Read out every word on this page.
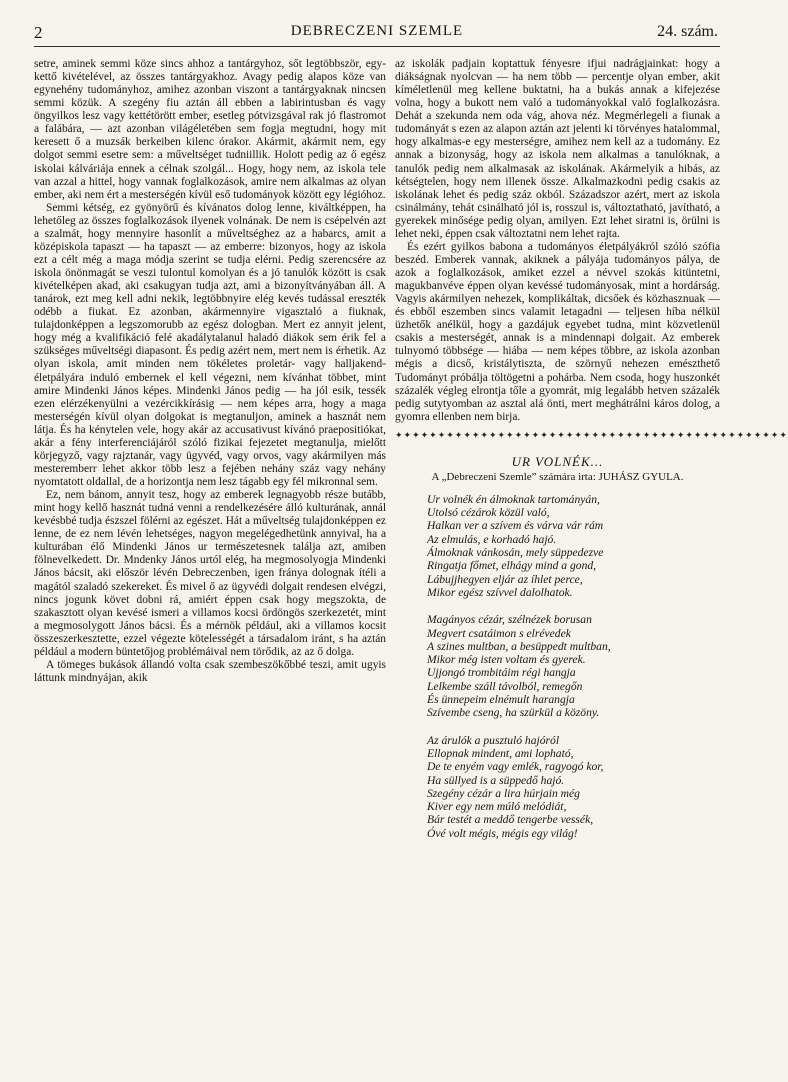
2	DEBRECZENI SZEMLE	24. szám.

setre, aminek semmi köze sincs ahhoz a tantárgyhoz, sőt legtöbbször, egy-kettő kivételével, az összes tantárgyakhoz. Avagy pedig alapos köze van egynehény tudományhoz, amihez azonban viszont a tantárgyaknak nincsen semmi közük. A szegény fiu aztán áll ebben a labirintusban és vagy öngyilkos lesz vagy kettétörött ember, esetleg pótvizsgával rak jó flastromot a falábára, — azt azonban világéletében sem fogja megtudni, hogy mit keresett ő a muzsák berkeiben kilenc órakor. Akármit, akármit nem, egy dolgot semmi esetre sem: a műveltséget tudniillik. Holott pedig az ő egész iskolai kálváriája ennek a célnak szolgál... Hogy, hogy nem, az iskola tele van azzal a hittel, hogy vannak foglalkozások, amire nem alkalmas az olyan ember, aki nem ért a mesterségén kívül eső tudományok között egy légióhoz.

Semmi kétség, ez gyönyörű és kívánatos dolog lenne, kiváltképpen, ha lehetőleg az összes foglalkozások ilyenek volnának. De nem is csépelvén azt a szalmát, hogy mennyire hasonlít a műveltséghez az a habarcs, amit a középiskola tapaszt — ha tapaszt — az emberre: bizonyos, hogy az iskola ezt a célt még a maga módja szerint se tudja elérni. Pedig szerencsére az iskola önönmagát se veszi tulontul komolyan és a jó tanulók között is csak kivételképen akad, aki csakugyan tudja azt, ami a bizonyítványában áll. A tanárok, ezt meg kell adni nekik, legtöbbnyire elég kevés tudással ereszték odébb a fiukat. Ez azonban, akármennyire vigasztaló a fiuknak, tulajdonképpen a legszomorubb az egész dologban. Mert ez annyit jelent, hogy még a kvalifikáció felé akadálytalanul haladó diákok sem érik fel a szükséges műveltségi diapasont. És pedig azért nem, mert nem is érhetik. Az olyan iskola, amit minden nem tökéletes proletár- vagy halljakend-életpályára induló embernek el kell végezni, nem kívánhat többet, mint amire Mindenki János képes. Mindenki János pedig — ha jól esik, tessék ezen elérzékenyülni a vezércikkírásig — nem képes arra, hogy a maga mesterségén kívül olyan dolgokat is megtanuljon, aminek a hasznát nem látja. És ha kénytelen vele, hogy akár az accusativust kívánó praepositiókat, akár a fény interferenciájáról szóló fizikai fejezetet megtanulja, mielőtt körjegyző, vagy rajztanár, vagy ügyvéd, vagy orvos, vagy akármilyen más mesteremberr lehet akkor több lesz a fejében nehány száz vagy nehány nyomtatott oldallal, de a horizontja nem lesz tágabb egy fél mikronnal sem.

Ez, nem bánom, annyit tesz, hogy az emberek legnagyobb része butább, mint hogy kellő hasznát tudná venni a rendelkezésére álló kulturának, annál kevésbbé tudja észszel fölérni az egészet. Hát a műveltség tulajdonképpen ez lenne, de ez nem lévén lehetséges, nagyon megelégedhetünk annyival, ha a kulturában élő Mindenki János ur természetesnek találja azt, amiben fölnevelkedett. Dr. Mndenky János urtól elég, ha megmosolyogja Mindenki János bácsit, aki először lévén Debreczenben, igen fránya dolognak ítéli a magától szaladó szekereket. És mivel ő az ügyvédi dolgait rendesen elvégzi, nincs jogunk követ dobni rá, amiért éppen csak hogy megszokta, de szakasztott olyan kevésé ismeri a villamos kocsi ördöngös szerkezetét, mint a megmosolygott János bácsi. És a mérnök például, aki a villamos kocsit összeszerkesztette, ezzel végezte kötelességét a társadalom iránt, s ha aztán például a modern büntetőjog problémáival nem törődik, az az ő dolga.

A tömeges bukások állandó volta csak szembeszökőbbé teszi, amit ugyis láttunk mindnyájan, akik

az iskolák padjain koptattuk fényesre ifjui nadrágjainkat: hogy a diákságnak nyolcvan — ha nem több — percentje olyan ember, akit kíméletlenül meg kellene buktatni, ha a bukás annak a kifejezése volna, hogy a bukott nem való a tudományokkal való foglalkozásra. Dehát a szekunda nem oda vág, ahova néz. Megmérlegeli a fiunak a tudományát s ezen az alapon aztán azt jelenti ki törvényes hatalommal, hogy alkalmas-e egy mesterségre, amihez nem kell az a tudomány. Ez annak a bizonyság, hogy az iskola nem alkalmas a tanulóknak, a tanulók pedig nem alkalmasak az iskolának. Akármelyik a hibás, az kétségtelen, hogy nem illenek össze. Alkalmazkodni pedig csakis az iskolának lehet és pedig száz okból. Századszor azért, mert az iskola csinálmány, tehát csinálható jól is, rosszul is, változtatható, javítható, a gyerekek minősége pedig olyan, amilyen. Ezt lehet siratni is, örülni is lehet neki, éppen csak változtatni nem lehet rajta.

És ezért gyilkos babona a tudományos életpályákról szóló szófia beszéd. Emberek vannak, akiknek a pályája tudományos pálya, de azok a foglalkozások, amiket ezzel a névvel szokás kitüntetni, magukbanvéve éppen olyan kevéssé tudományosak, mint a hordárság. Vagyis akármilyen nehezek, komplikáltak, dicsőek és közhasznuak — és ebből eszemben sincs valamit letagadni — teljesen híba nélkül üzhetők anélkül, hogy a gazdájuk egyebet tudna, mint közvetlenül csakis a mesterségét, annak is a mindennapi dolgait. Az emberek tulnyomó többsége — hiába — nem képes többre, az iskola azonban mégis a dicső, kristálytiszta, de szörnyű nehezen emészthető Tudományt próbálja töltögetni a pohárba. Nem csoda, hogy huszonkét százalék végleg elrontja tőle a gyomrát, mig legalább hetven százalék pedig sutytyomban az asztal alá önti, mert meghátrálni káros dolog, a gyomra ellenben nem birja.

✦✦✦✦✦✦✦✦✦✦✦✦✦✦✦✦✦✦✦✦✦✦✦✦✦✦✦✦✦✦✦✦✦✦✦✦✦✦✦✦✦✦✦✦✦✦
UR VOLNÉK...
A „Debreczeni Szemle” számára irta: JUHÁSZ GYULA.
Ur volnék én álmoknak tartományán,
Utolsó cézárok közül való,
Halkan ver a szívem és várva vár rám
Az elmulás, e korhadó hajó.
Álmoknak vánkosán, mely süppedezve
Ringatja főmet, elhágy mind a gond,
Lábujjhegyen eljár az íhlet perce,
Mikor egész szívvel dalolhatok.
Magányos cézár, szélnézek borusan
Megvert csatáimon s elrévedek
A szines multban, a besüppedt multban,
Mikor még isten voltam és gyerek.
Ujjongó trombitáim régi hangja
Lelkembe száll távolból, remegőn
És ünnepeim elnémult harangja
Szívembe cseng, ha szürkül a közöny.
Az árulók a pusztuló hajóról
Ellopnak mindent, ami lopható,
De te enyém vagy emlék, ragyogó kor,
Ha süllyed is a süppedő hajó.
Szegény cézár a lira húrjain még
Kiver egy nem múló melódiát,
Bár testét a meddő tengerbe vessék,
Óvé volt mégis, mégis egy világ!
